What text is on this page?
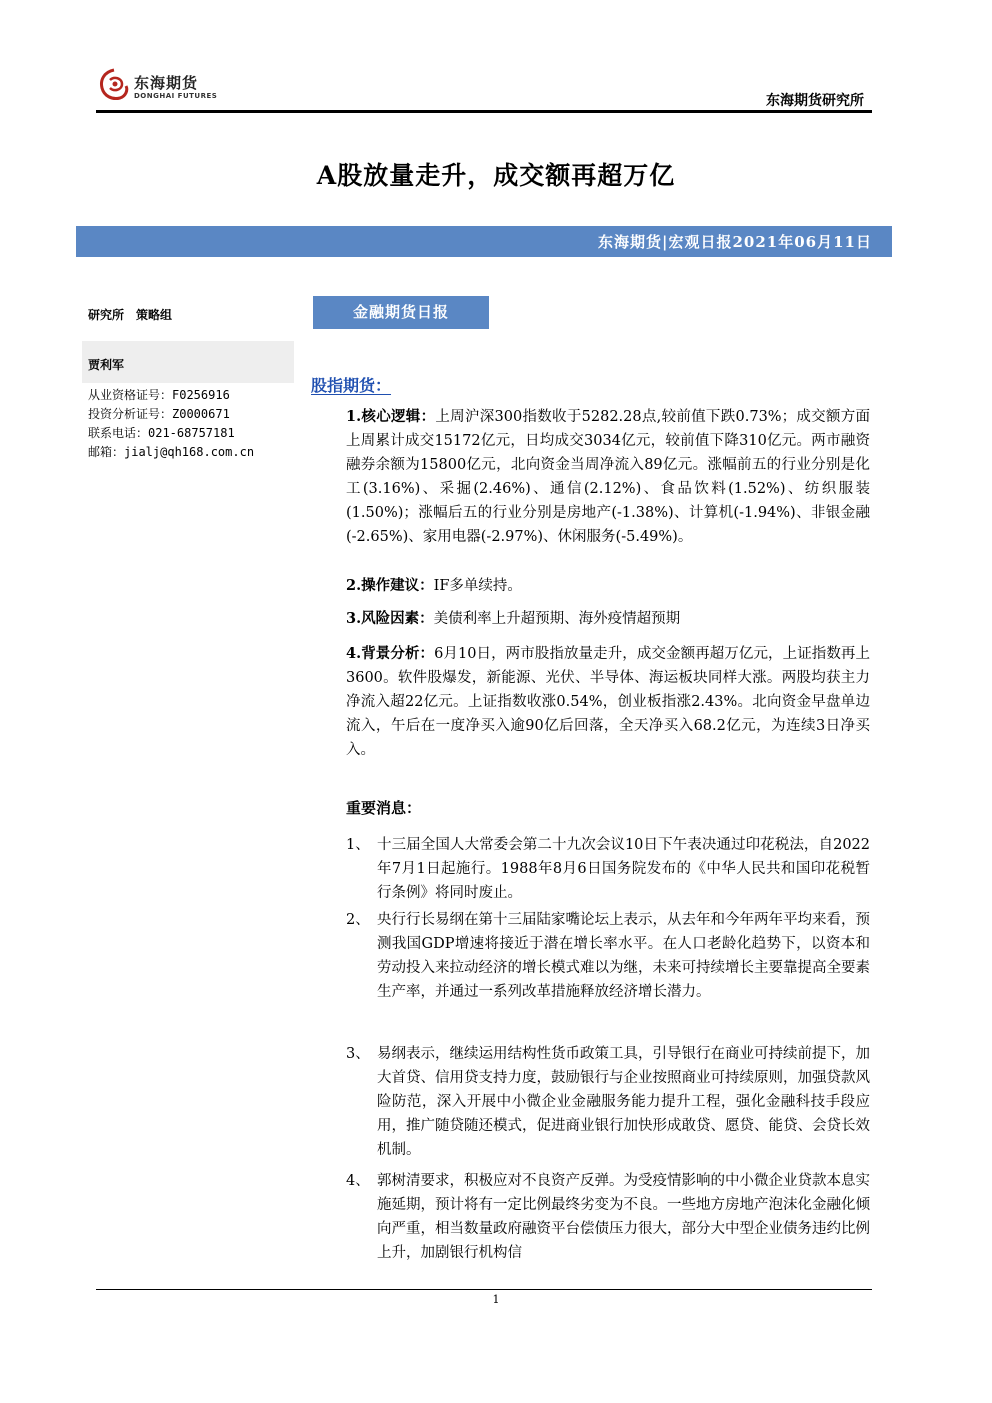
东海期货
DONGHAI FUTURES	东海期货研究所
A股放量走升，成交额再超万亿
东海期货|宏观日报2021年06月11日
研究所　策略组
贾利军
从业资格证号：F0256916
投资分析证号：Z0000671
联系电话：021-68757181
邮箱：jialj@qh168.com.cn
金融期货日报
股指期货：
1.核心逻辑：上周沪深300指数收于5282.28点,较前值下跌0.73%；成交额方面上周累计成交15172亿元，日均成交3034亿元，较前值下降310亿元。两市融资融券余额为15800亿元，北向资金当周净流入89亿元。涨幅前五的行业分别是化工(3.16%)、采掘(2.46%)、通信(2.12%)、食品饮料(1.52%)、纺织服装(1.50%)；涨幅后五的行业分别是房地产(-1.38%)、计算机(-1.94%)、非银金融(-2.65%)、家用电器(-2.97%)、休闲服务(-5.49%)。
2.操作建议：IF多单续持。
3.风险因素：美债利率上升超预期、海外疫情超预期
4.背景分析：6月10日，两市股指放量走升，成交金额再超万亿元，上证指数再上3600。软件股爆发，新能源、光伏、半导体、海运板块同样大涨。两股均获主力净流入超22亿元。上证指数收涨0.54%，创业板指涨2.43%。北向资金早盘单边流入，午后在一度净买入逾90亿后回落，全天净买入68.2亿元，为连续3日净买入。
重要消息：
1、 十三届全国人大常委会第二十九次会议10日下午表决通过印花税法，自2022年7月1日起施行。1988年8月6日国务院发布的《中华人民共和国印花税暂行条例》将同时废止。
2、 央行行长易纲在第十三届陆家嘴论坛上表示，从去年和今年两年平均来看，预测我国GDP增速将接近于潜在增长率水平。在人口老龄化趋势下，以资本和劳动投入来拉动经济的增长模式难以为继，未来可持续增长主要靠提高全要素生产率，并通过一系列改革措施释放经济增长潜力。
3、 易纲表示，继续运用结构性货币政策工具，引导银行在商业可持续前提下，加大首贷、信用贷支持力度，鼓励银行与企业按照商业可持续原则，加强贷款风险防范，深入开展中小微企业金融服务能力提升工程，强化金融科技手段应用，推广随贷随还模式，促进商业银行加快形成敢贷、愿贷、能贷、会贷长效机制。
4、 郭树清要求，积极应对不良资产反弹。为受疫情影响的中小微企业贷款本息实施延期，预计将有一定比例最终劣变为不良。一些地方房地产泡沫化金融化倾向严重，相当数量政府融资平台偿债压力很大，部分大中型企业债务违约比例上升，加剧银行机构信
1
